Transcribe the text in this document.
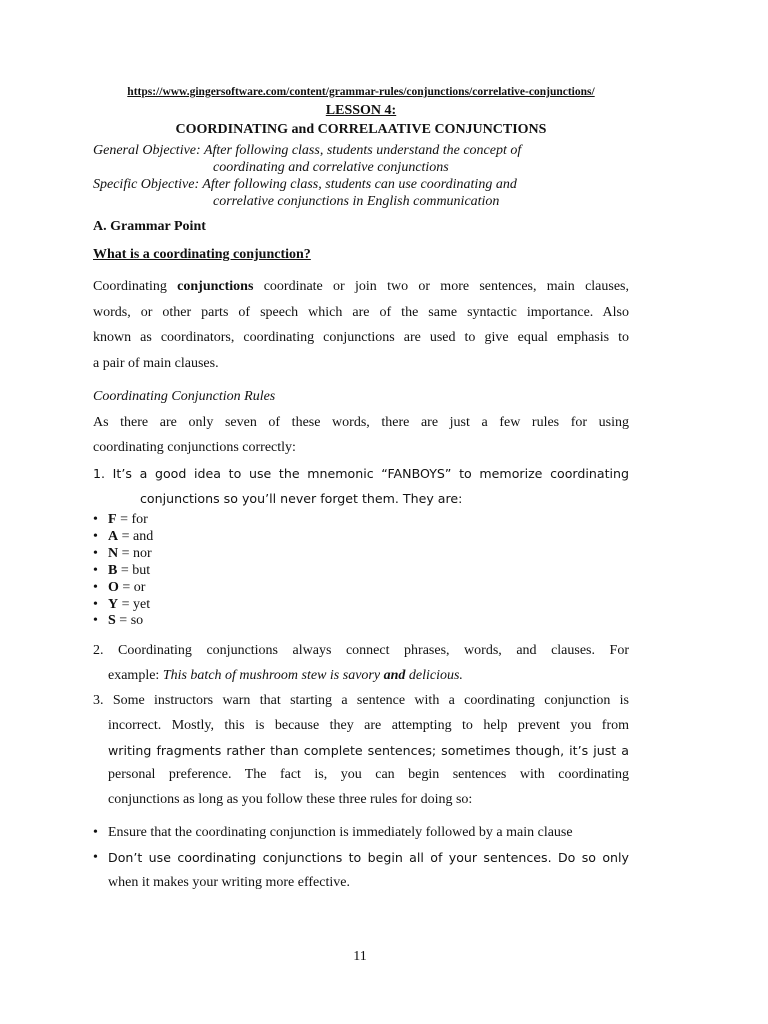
https://www.gingersoftware.com/content/grammar-rules/conjunctions/correlative-conjunctions/
LESSON 4:
COORDINATING and CORRELAATIVE CONJUNCTIONS
General Objective: After following class, students understand the concept of
coordinating and correlative conjunctions
Specific Objective: After following class, students can use coordinating and
correlative conjunctions in English communication
A. Grammar Point
What is a coordinating conjunction?
Coordinating conjunctions coordinate or join two or more sentences, main clauses,
words, or other parts of speech which are of the same syntactic importance. Also
known as coordinators, coordinating conjunctions are used to give equal emphasis to
a pair of main clauses.
Coordinating Conjunction Rules
As there are only seven of these words, there are just a few rules for using
coordinating conjunctions correctly:
1. It’s a good idea to use the mnemonic “FANBOYS” to memorize coordinating
conjunctions so you’ll never forget them. They are:
• F = for
• A = and
• N = nor
• B = but
• O = or
• Y = yet
• S = so
2. Coordinating conjunctions always connect phrases, words, and clauses. For
example: This batch of mushroom stew is savory and delicious.
3. Some instructors warn that starting a sentence with a coordinating conjunction is
incorrect. Mostly, this is because they are attempting to help prevent you from
writing fragments rather than complete sentences; sometimes though, it’s just a
personal preference. The fact is, you can begin sentences with coordinating
conjunctions as long as you follow these three rules for doing so:
• Ensure that the coordinating conjunction is immediately followed by a main clause
• Don’t use coordinating conjunctions to begin all of your sentences. Do so only
when it makes your writing more effective.
11
